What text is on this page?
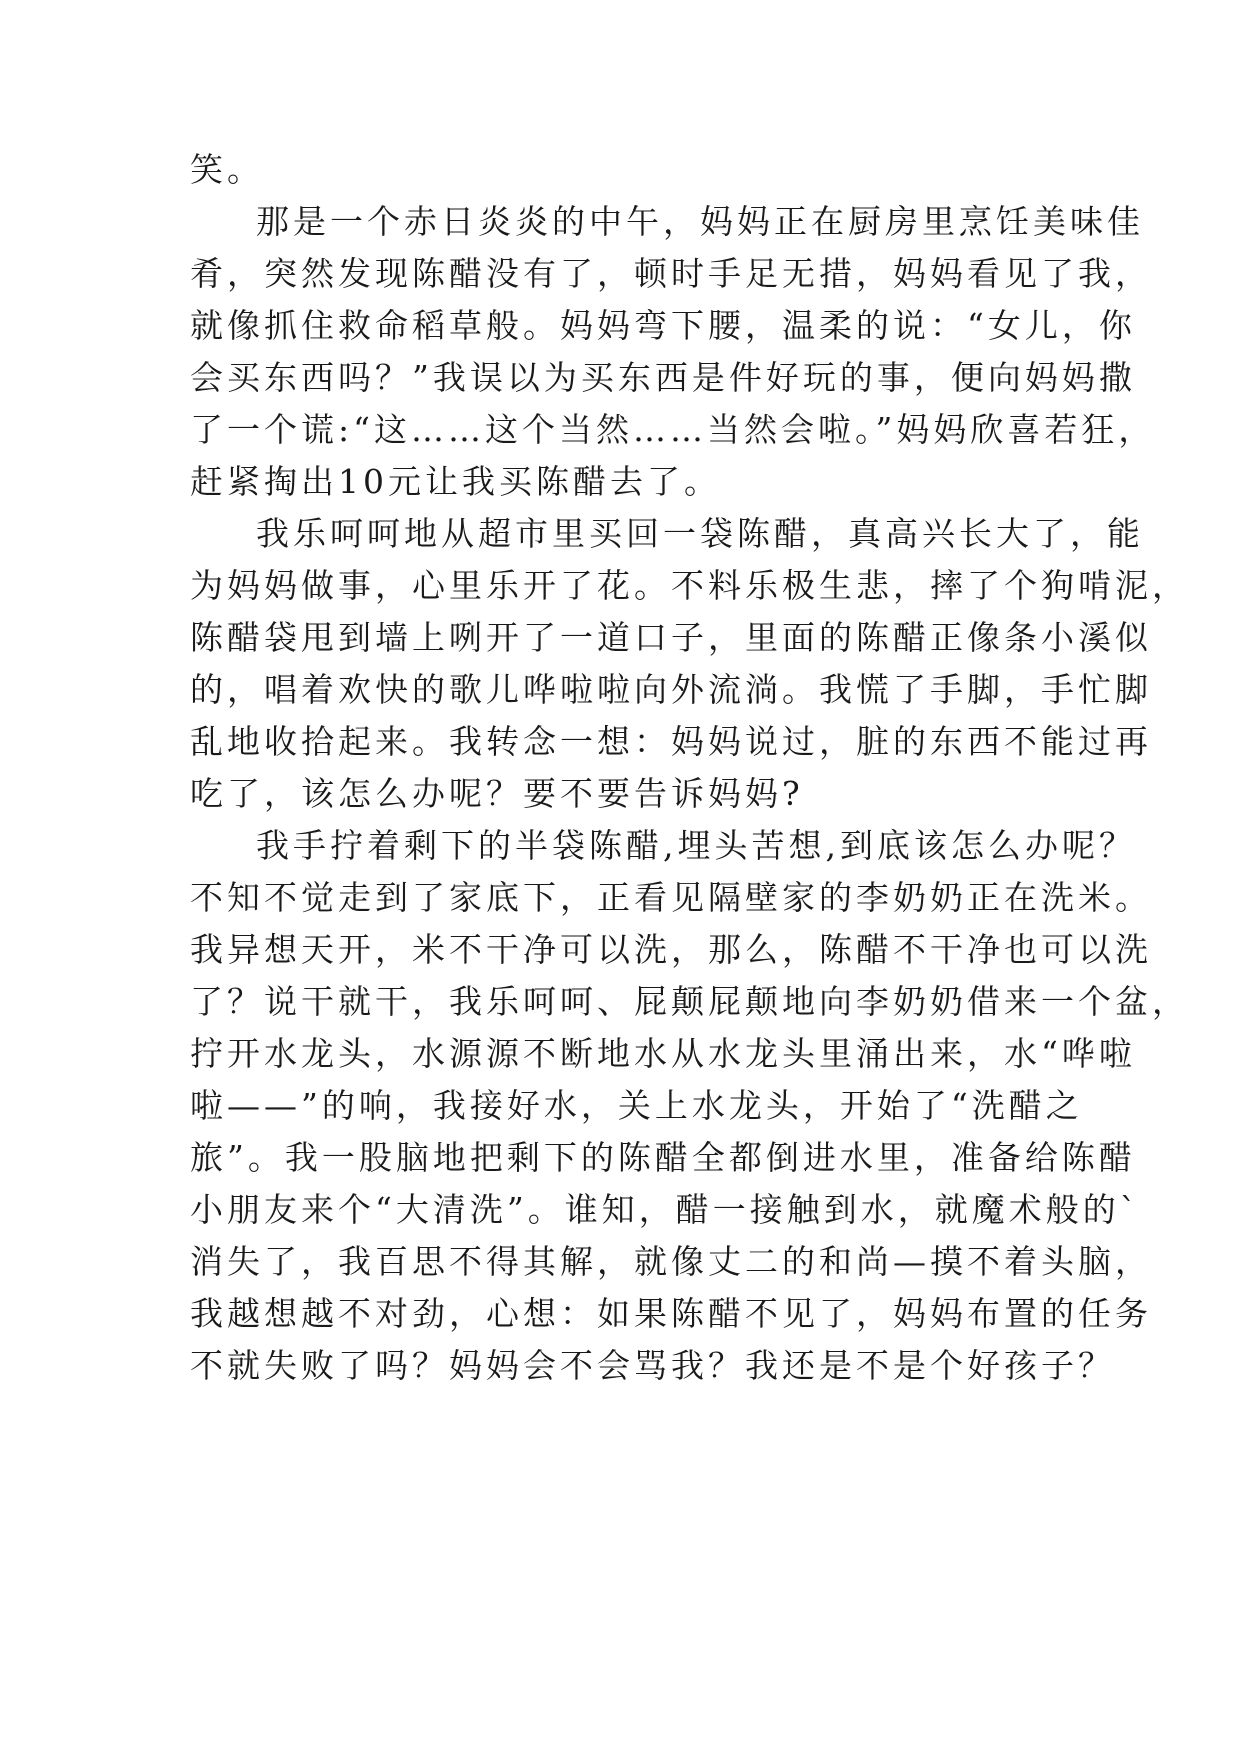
笑。
那是一个赤日炎炎的中午，妈妈正在厨房里烹饪美味佳
肴，突然发现陈醋没有了，顿时手足无措，妈妈看见了我，
就像抓住救命稻草般。妈妈弯下腰，温柔的说：“女儿，你
会买东西吗？”我误以为买东西是件好玩的事，便向妈妈撒
了一个谎:“这……这个当然……当然会啦。”妈妈欣喜若狂，
赶紧掏出10元让我买陈醋去了。
我乐呵呵地从超市里买回一袋陈醋，真高兴长大了，能
为妈妈做事，心里乐开了花。不料乐极生悲，摔了个狗啃泥，
陈醋袋甩到墙上咧开了一道口子，里面的陈醋正像条小溪似
的，唱着欢快的歌儿哗啦啦向外流淌。我慌了手脚，手忙脚
乱地收拾起来。我转念一想：妈妈说过，脏的东西不能过再
吃了，该怎么办呢？要不要告诉妈妈?
我手拧着剩下的半袋陈醋,埋头苦想,到底该怎么办呢？
不知不觉走到了家底下，正看见隔壁家的李奶奶正在洗米。
我异想天开，米不干净可以洗，那么，陈醋不干净也可以洗
了？说干就干，我乐呵呵、屁颠屁颠地向李奶奶借来一个盆，
拧开水龙头，水源源不断地水从水龙头里涌出来，水“哗啦
啦——”的响，我接好水，关上水龙头，开始了“洗醋之
旅”。我一股脑地把剩下的陈醋全都倒进水里，准备给陈醋
小朋友来个“大清洗”。谁知，醋一接触到水，就魔术般的`
消失了，我百思不得其解，就像丈二的和尚—摸不着头脑，
我越想越不对劲，心想：如果陈醋不见了，妈妈布置的任务
不就失败了吗？妈妈会不会骂我？我还是不是个好孩子？
